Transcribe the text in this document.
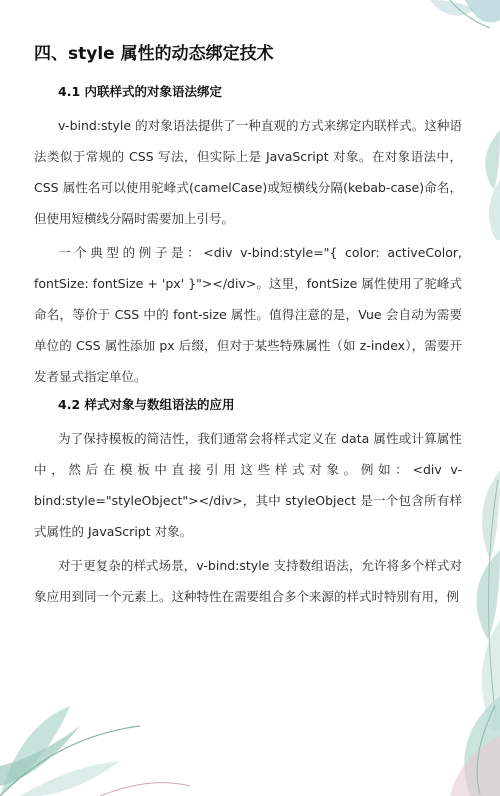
四、style 属性的动态绑定技术
4.1 内联样式的对象语法绑定

v-bind:style 的对象语法提供了一种直观的方式来绑定内联样式。这种语法类似于常规的 CSS 写法，但实际上是 JavaScript 对象。在对象语法中，CSS 属性名可以使用驼峰式(camelCase)或短横线分隔(kebab-case)命名，但使用短横线分隔时需要加上引号。

一个典型的例子是：<div v-bind:style="{ color: activeColor, fontSize: fontSize + 'px' }"></div>。这里，fontSize 属性使用了驼峰式命名，等价于 CSS 中的 font-size 属性。值得注意的是，Vue 会自动为需要单位的 CSS 属性添加 px 后缀，但对于某些特殊属性（如 z-index），需要开发者显式指定单位。

4.2 样式对象与数组语法的应用

为了保持模板的简洁性，我们通常会将样式定义在 data 属性或计算属性中，然后在模板中直接引用这些样式对象。例如：<div v-bind:style="styleObject"></div>，其中 styleObject 是一个包含所有样式属性的 JavaScript 对象。

对于更复杂的样式场景，v-bind:style 支持数组语法，允许将多个样式对象应用到同一个元素上。这种特性在需要组合多个来源的样式时特别有用，例
